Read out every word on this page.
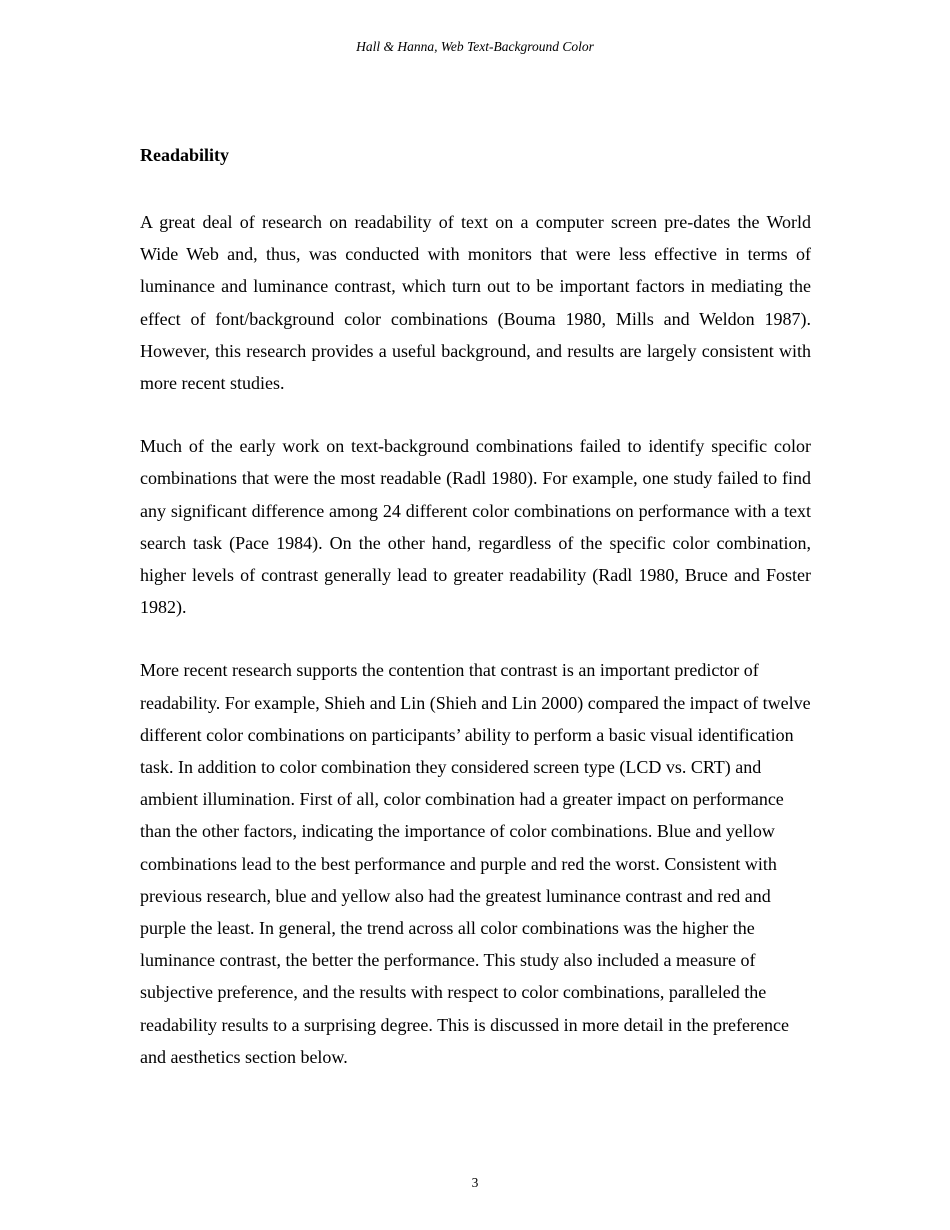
Hall & Hanna, Web Text-Background Color
Readability

A great deal of research on readability of text on a computer screen pre-dates the World Wide Web and, thus, was conducted with monitors that were less effective in terms of luminance and luminance contrast, which turn out to be important factors in mediating the effect of font/background color combinations (Bouma 1980, Mills and Weldon 1987). However, this research provides a useful background, and results are largely consistent with more recent studies.

Much of the early work on text-background combinations failed to identify specific color combinations that were the most readable (Radl 1980). For example, one study failed to find any significant difference among 24 different color combinations on performance with a text search task (Pace 1984). On the other hand, regardless of the specific color combination, higher levels of contrast generally lead to greater readability (Radl 1980, Bruce and Foster 1982).

More recent research supports the contention that contrast is an important predictor of readability. For example, Shieh and Lin (Shieh and Lin 2000) compared the impact of twelve different color combinations on participants’ ability to perform a basic visual identification task. In addition to color combination they considered screen type (LCD vs. CRT) and ambient illumination. First of all, color combination had a greater impact on performance than the other factors, indicating the importance of color combinations. Blue and yellow combinations lead to the best performance and purple and red the worst. Consistent with previous research, blue and yellow also had the greatest luminance contrast and red and purple the least. In general, the trend across all color combinations was the higher the luminance contrast, the better the performance. This study also included a measure of subjective preference, and the results with respect to color combinations, paralleled the readability results to a surprising degree. This is discussed in more detail in the preference and aesthetics section below.

3
